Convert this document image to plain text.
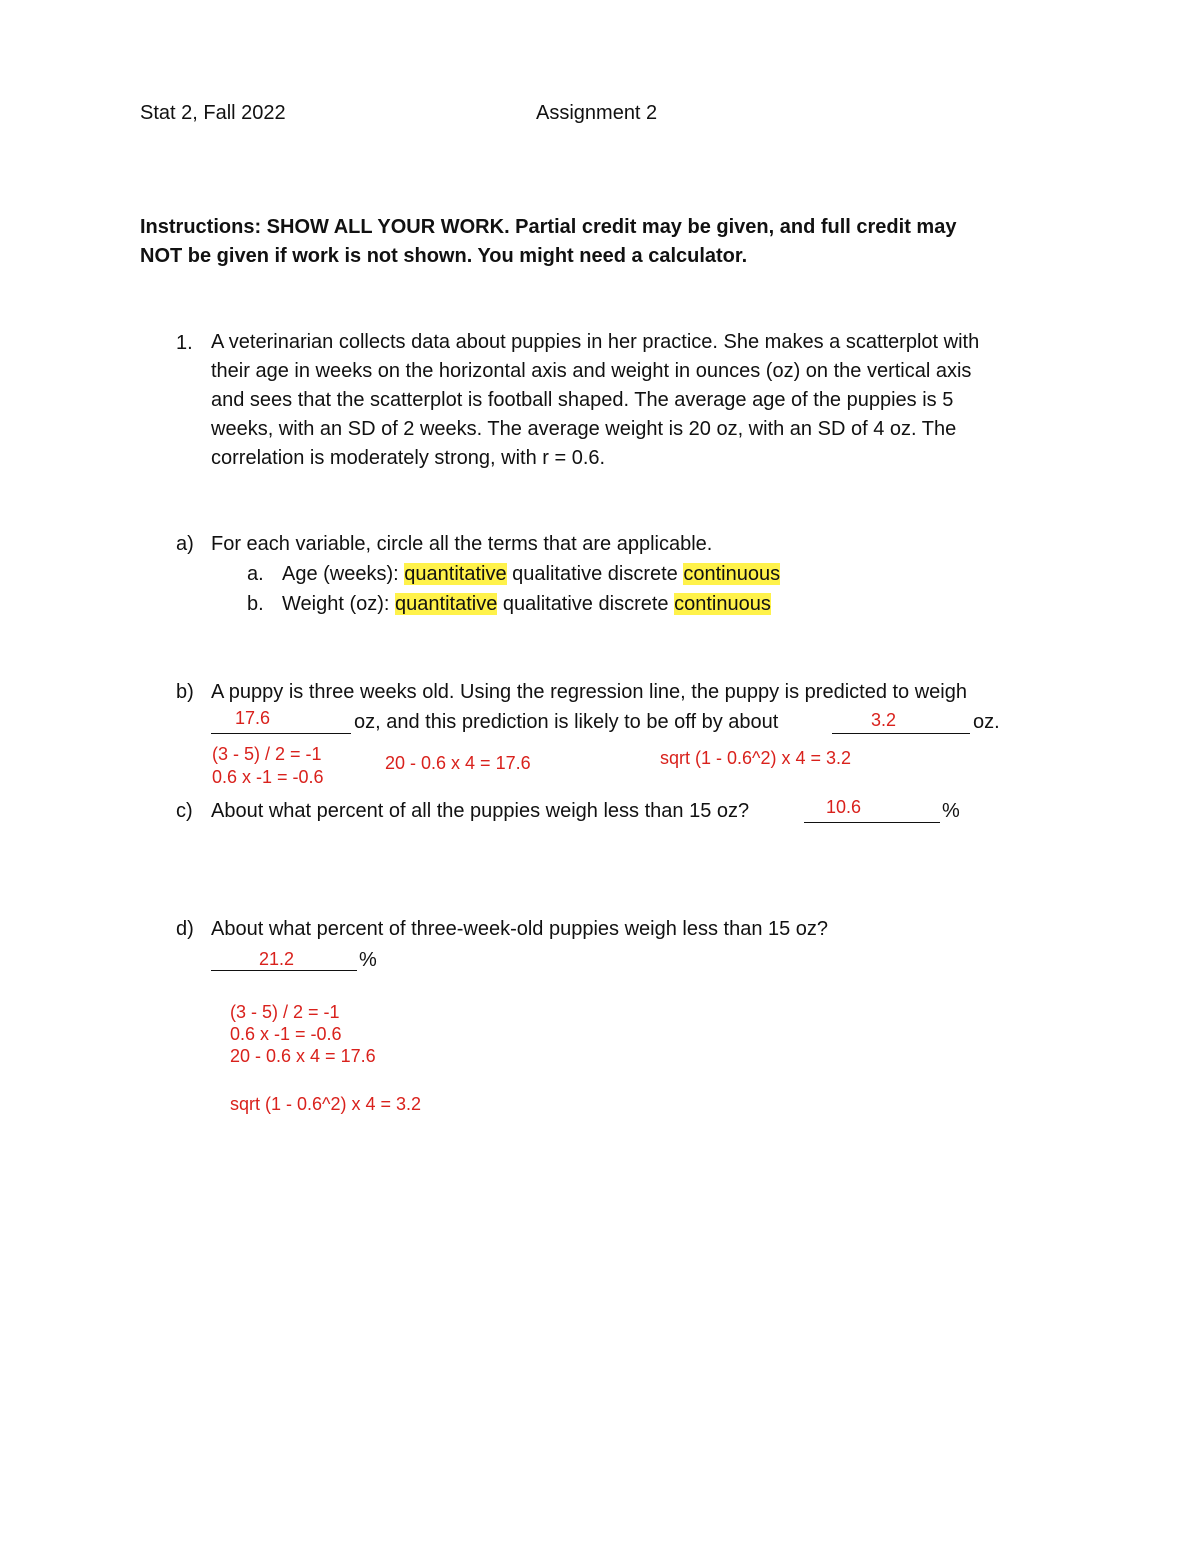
Stat 2, Fall 2022	Assignment 2
Instructions: SHOW ALL YOUR WORK. Partial credit may be given, and full credit may
NOT be given if work is not shown. You might need a calculator.
1. A veterinarian collects data about puppies in her practice. She makes a scatterplot with
their age in weeks on the horizontal axis and weight in ounces (oz) on the vertical axis
and sees that the scatterplot is football shaped. The average age of the puppies is 5
weeks, with an SD of 2 weeks. The average weight is 20 oz, with an SD of 4 oz. The
correlation is moderately strong, with r = 0.6.
a) For each variable, circle all the terms that are applicable.
a. Age (weeks): quantitative qualitative discrete continuous
b. Weight (oz): quantitative qualitative discrete continuous
b) A puppy is three weeks old. Using the regression line, the puppy is predicted to weigh
17.6	oz, and this prediction is likely to be off by about	3.2	oz.
(3 - 5) / 2 = -1
0.6 x -1 = -0.6
20 - 0.6 x 4 = 17.6	sqrt (1 - 0.6^2) x 4 = 3.2
c) About what percent of all the puppies weigh less than 15 oz?	10.6	%
d) About what percent of three-week-old puppies weigh less than 15 oz?
21.2	%
(3 - 5) / 2 = -1
0.6 x -1 = -0.6
20 - 0.6 x 4 = 17.6
sqrt (1 - 0.6^2) x 4 = 3.2
